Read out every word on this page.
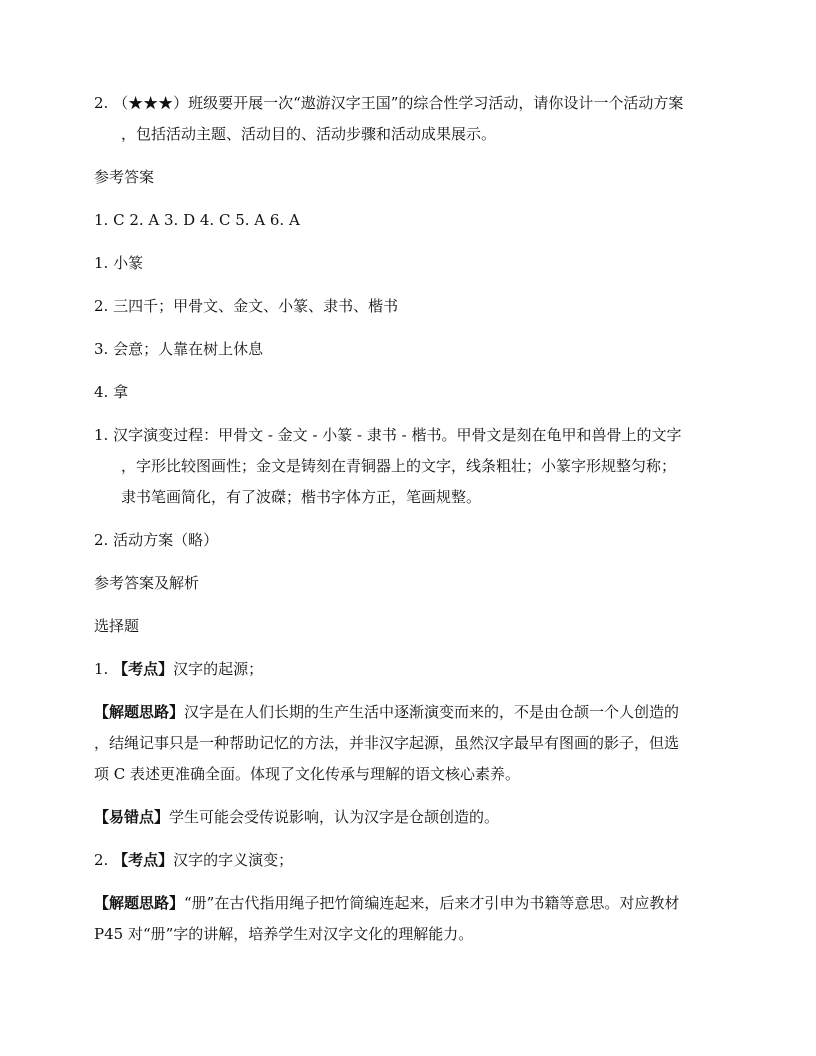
2. （★★★）班级要开展一次“遨游汉字王国”的综合性学习活动，请你设计一个活动方案
，包括活动主题、活动目的、活动步骤和活动成果展示。

参考答案

1. C 2. A 3. D 4. C 5. A 6. A

1. 小篆

2. 三四千；甲骨文、金文、小篆、隶书、楷书

3. 会意；人靠在树上休息

4. 拿

1. 汉字演变过程：甲骨文 - 金文 - 小篆 - 隶书 - 楷书。甲骨文是刻在龟甲和兽骨上的文字
，字形比较图画性；金文是铸刻在青铜器上的文字，线条粗壮；小篆字形规整匀称；
隶书笔画简化，有了波磔；楷书字体方正，笔画规整。

2. 活动方案（略）

参考答案及解析

选择题

1. 【考点】汉字的起源；

【解题思路】汉字是在人们长期的生产生活中逐渐演变而来的，不是由仓颉一个人创造的
，结绳记事只是一种帮助记忆的方法，并非汉字起源，虽然汉字最早有图画的影子，但选
项 C 表述更准确全面。体现了文化传承与理解的语文核心素养。

【易错点】学生可能会受传说影响，认为汉字是仓颉创造的。

2. 【考点】汉字的字义演变；

【解题思路】“册”在古代指用绳子把竹简编连起来，后来才引申为书籍等意思。对应教材
P45 对“册”字的讲解，培养学生对汉字文化的理解能力。
